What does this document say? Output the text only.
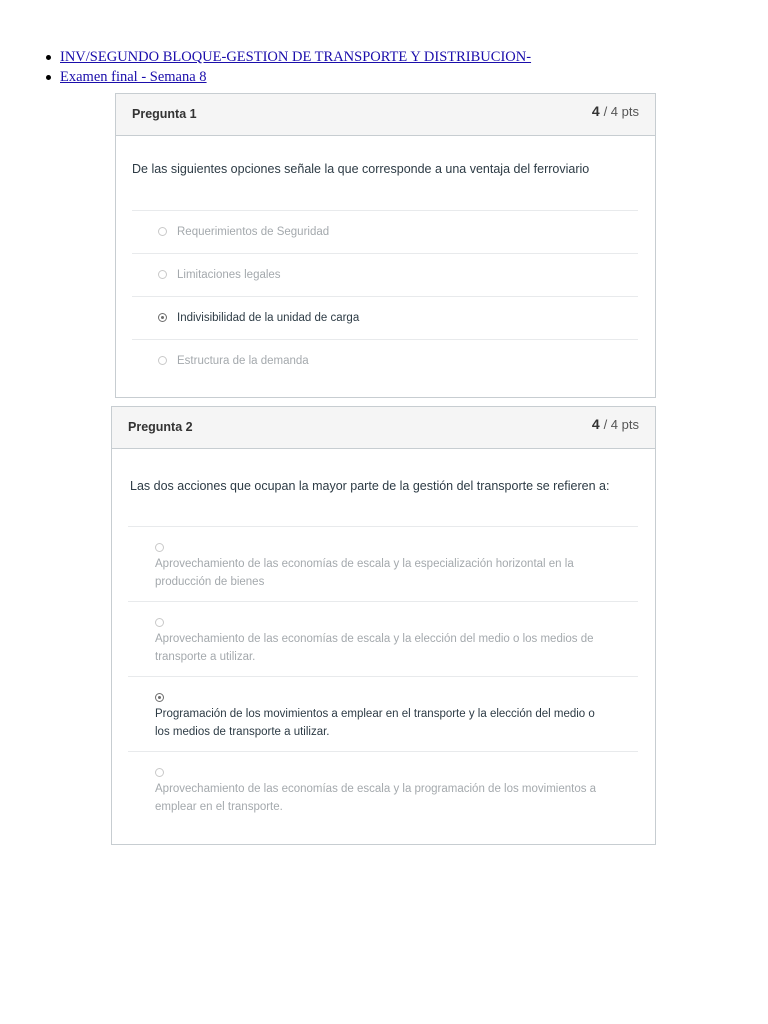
INV/SEGUNDO BLOQUE-GESTION DE TRANSPORTE Y DISTRIBUCION-
Examen final - Semana 8
Pregunta 1	4 / 4 pts
De las siguientes opciones señale la que corresponde a una ventaja del ferroviario
Requerimientos de Seguridad
Limitaciones legales
Indivisibilidad de la unidad de carga
Estructura de la demanda
Pregunta 2	4 / 4 pts
Las dos acciones que ocupan la mayor parte de la gestión del transporte se refieren a:
Aprovechamiento de las economías de escala y la especialización horizontal en la producción de bienes
Aprovechamiento de las economías de escala y la elección del medio o los medios de transporte a utilizar.
Programación de los movimientos a emplear en el transporte y la elección del medio o los medios de transporte a utilizar.
Aprovechamiento de las economías de escala y la programación de los movimientos a emplear en el transporte.
